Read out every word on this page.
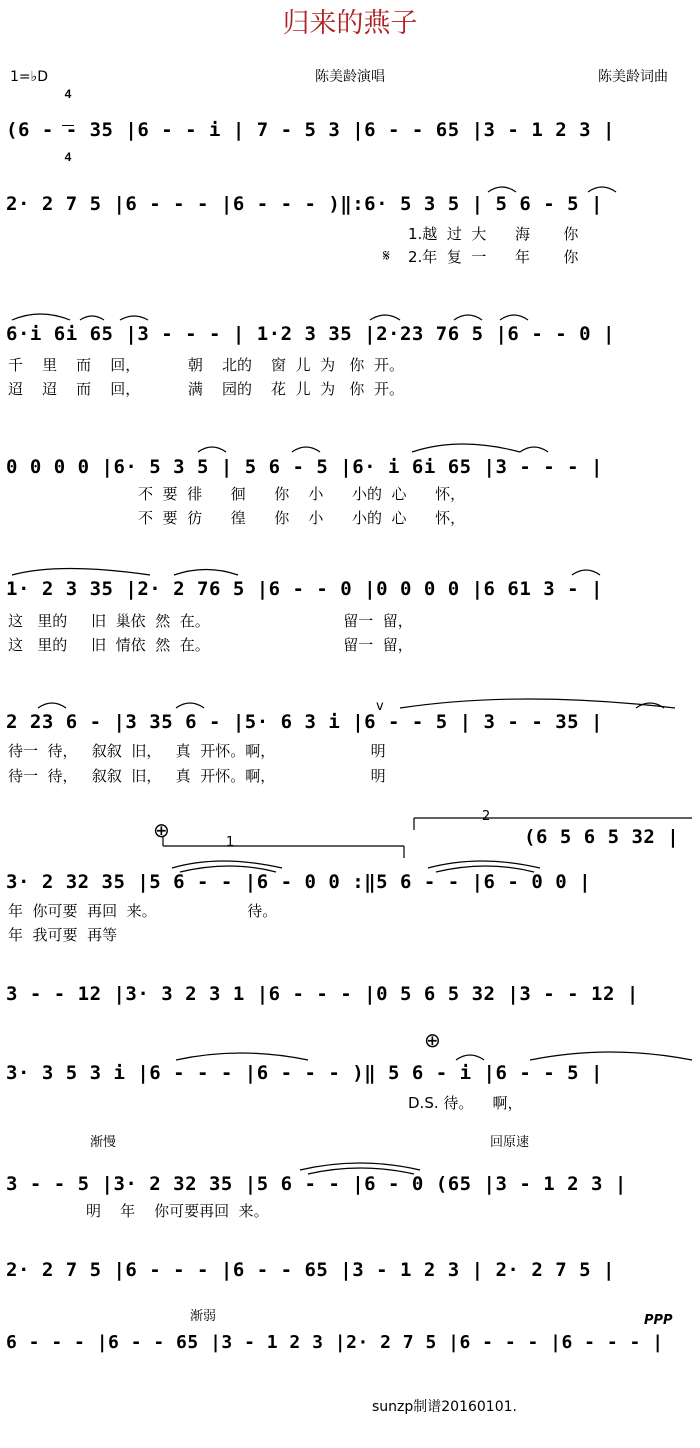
归来的燕子
1=♭D

4

4

陈美龄演唱	陈美龄词曲
(6 - - 35 |6 - - i | 7 - 5 3 |6 - - 65 |3 - 1 2 3 |
2· 2 7 5 |6 - - - |6 - - - )‖:6· 5 3 5 | 5 6 - 5 |
1.越  过  大      海       你
2.年  复  一      年       你
𝄋
6·i 6i 65 |3 - - - | 1·2 3 35 |2·23 76 5 |6 - - 0 |
千    里    而    回，          朝    北的    窗  儿  为   你  开。
迢    迢    而    回，          满    园的    花  儿  为   你  开。
0 0 0 0 |6· 5 3 5 | 5 6 - 5 |6· i 6i 65 |3 - - - |
不  要  徘      徊      你    小      小的  心      怀，
不  要  彷      徨      你    小      小的  心      怀，
1· 2 3 35 |2· 2 76 5 |6 - - 0 |0 0 0 0 |6 61 3 - |
这   里的     旧  巢依  然  在。                            留一  留，
这   里的     旧  情依  然  在。                            留一  留，
2 23 6 - |3 35 6 - |5· 6 3 i |6 - - 5 | 3 - - 35 |
v
待一  待，   叙叙  旧，   真  开怀。啊，                    明
待一  待，   叙叙  旧，   真  开怀。啊，                    明
⊕
1
2
(6 5 6 5 32 |
3· 2 32 35 |5 6 - - |6 - 0 0 :‖5 6 - - |6 - 0 0 |
年  你可要  再回  来。                   待。
年  我可要  再等
3 - - 12 |3· 3 2 3 1 |6 - - - |0 5 6 5 32 |3 - - 12 |
⊕
3· 3 5 3 i |6 - - - |6 - - - )‖ 5 6 - i |6 - - 5 |
D.S. 待。    啊，
渐慢	回原速
3 - - 5 |3· 2 32 35 |5 6 - - |6 - 0 (65 |3 - 1 2 3 |
明    年    你可要再回  来。
2· 2 7 5 |6 - - - |6 - - 65 |3 - 1 2 3 | 2· 2 7 5 |
渐弱	PPP
6 - - - |6 - - 65 |3 - 1 2 3 |2· 2 7 5 |6 - - - |6 - - - |
sunzp制谱20160101.
